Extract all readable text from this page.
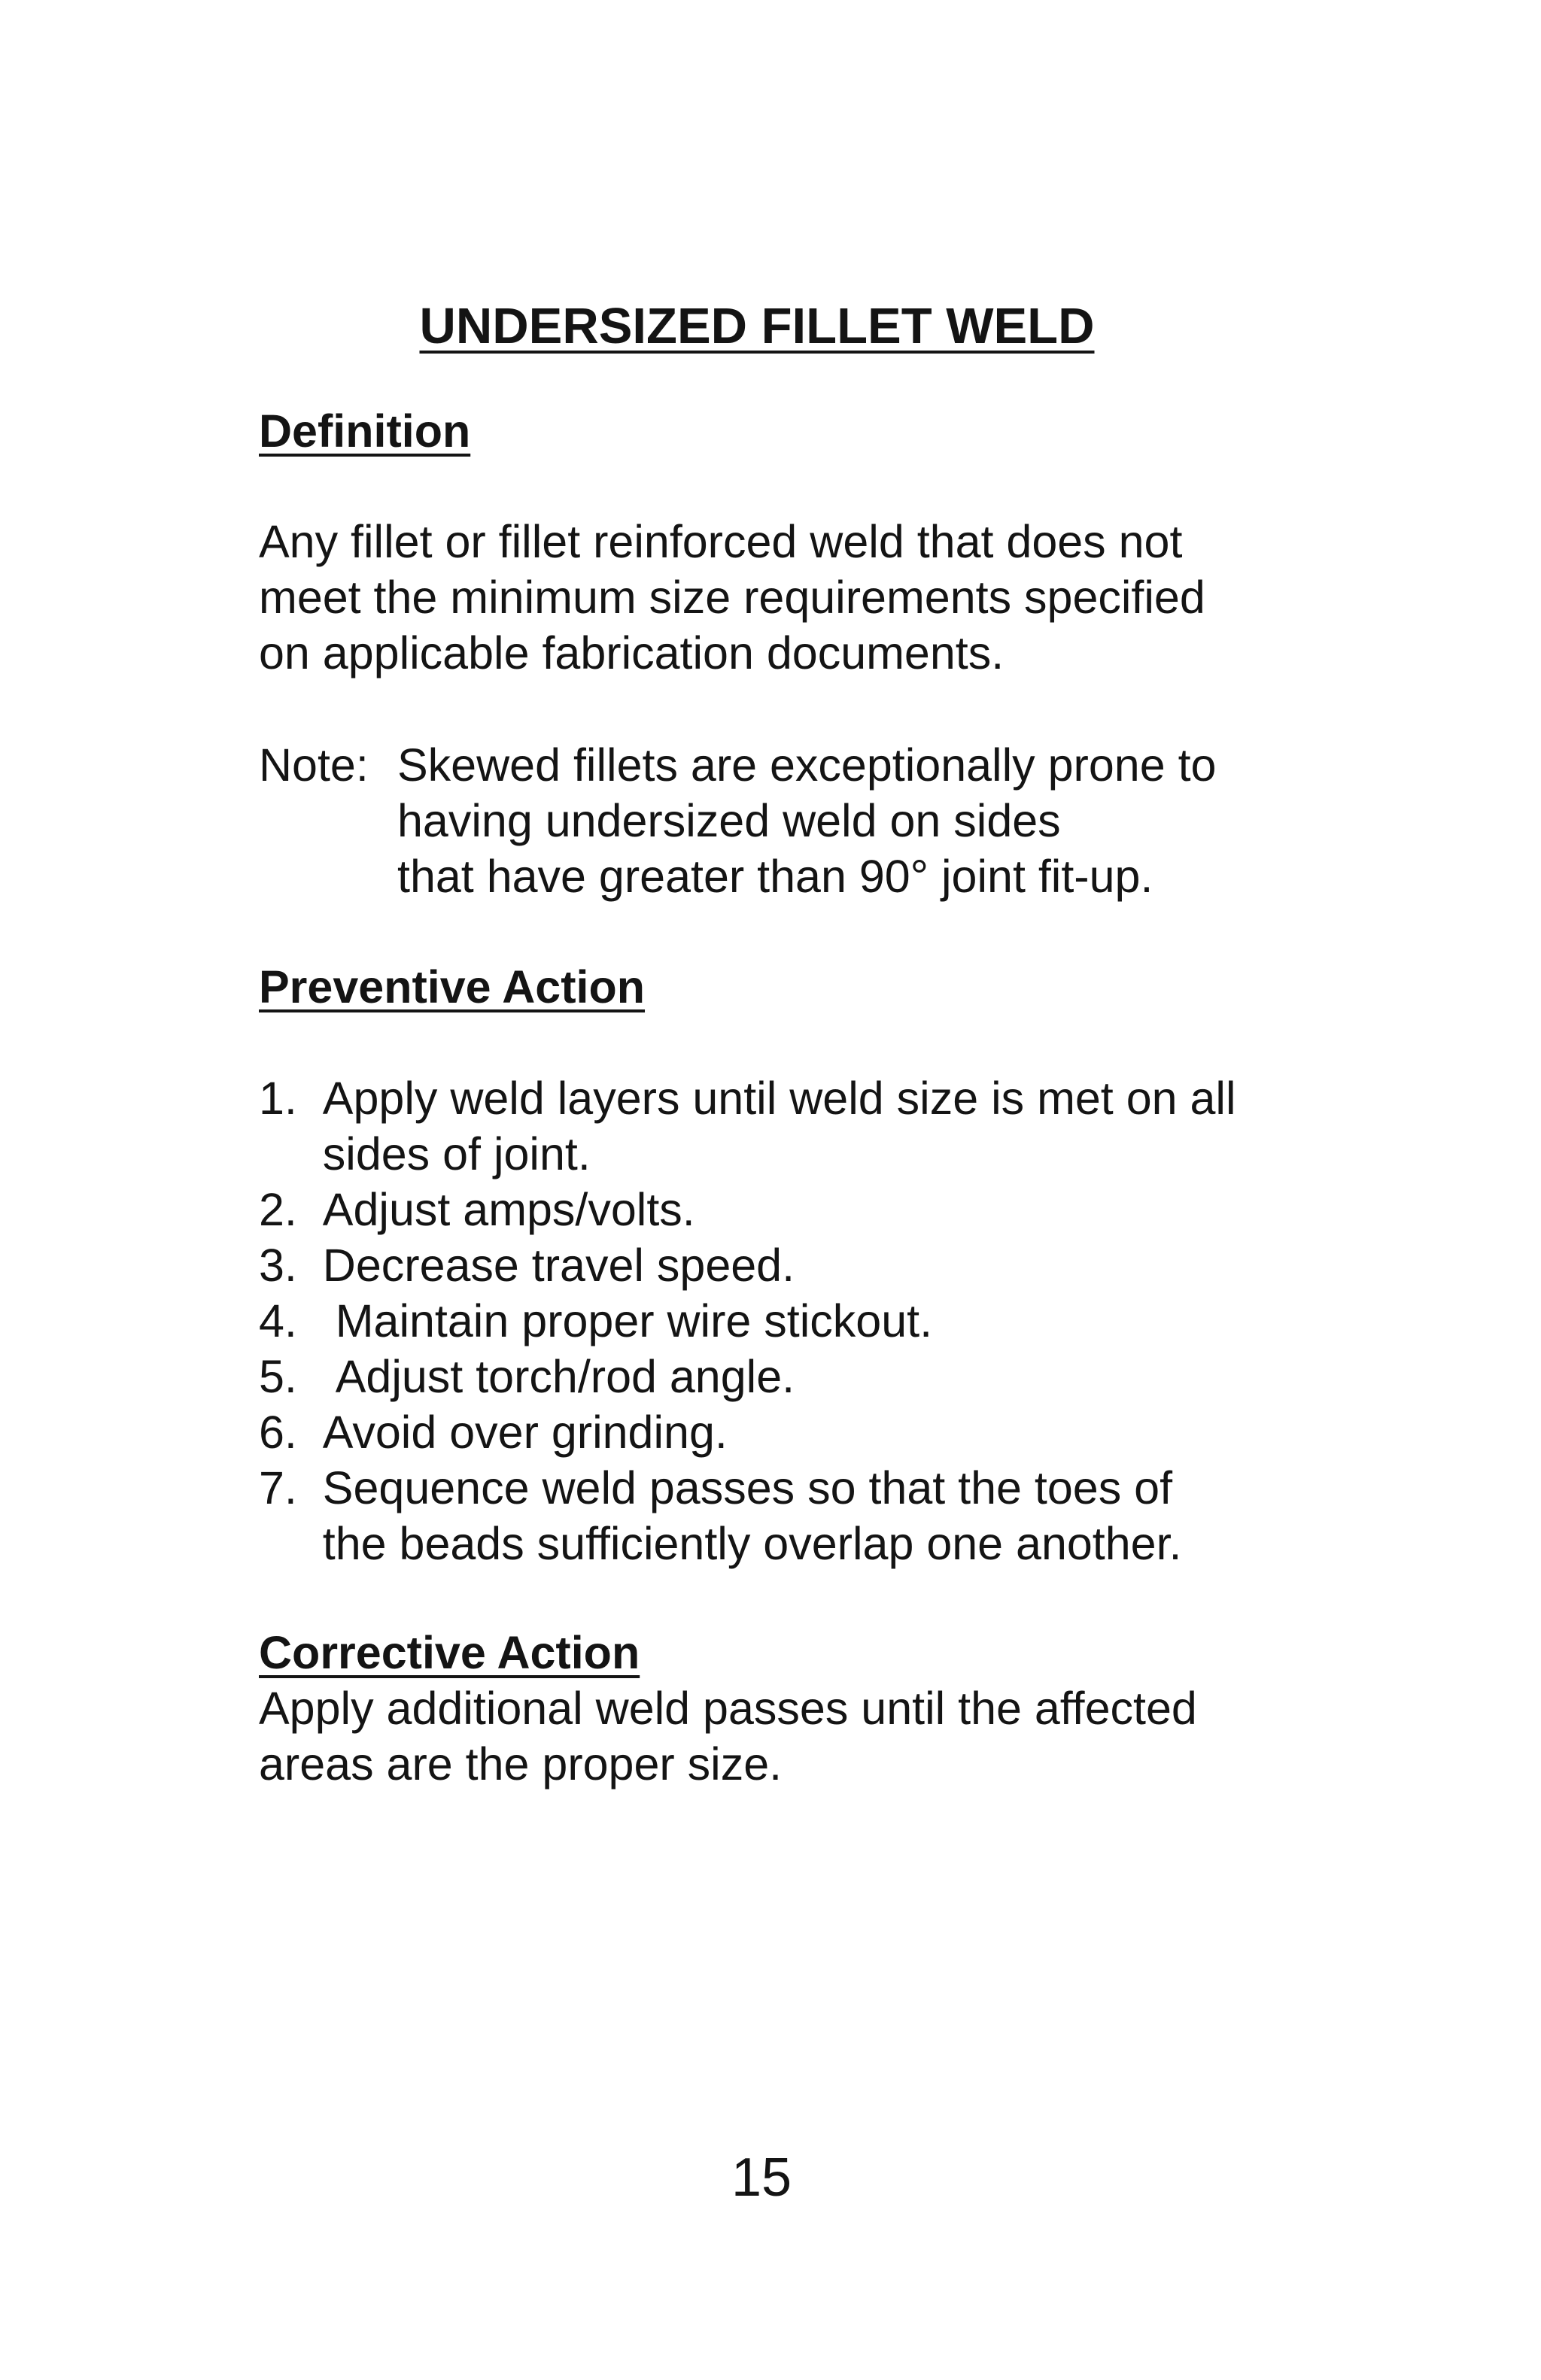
UNDERSIZED FILLET WELD
Definition
Any fillet or fillet reinforced weld that does not
meet the minimum size requirements specified
on applicable fabrication documents.
Note: Skewed fillets are exceptionally prone to
having undersized weld on sides
that have greater than 90° joint fit-up.
Preventive Action
1. Apply weld layers until weld size is met on all
sides of joint.
2. Adjust amps/volts.
3. Decrease travel speed.
4. Maintain proper wire stickout.
5. Adjust torch/rod angle.
6. Avoid over grinding.
7. Sequence weld passes so that the toes of
the beads sufficiently overlap one another.
Corrective Action
Apply additional weld passes until the affected
areas are the proper size.
15
